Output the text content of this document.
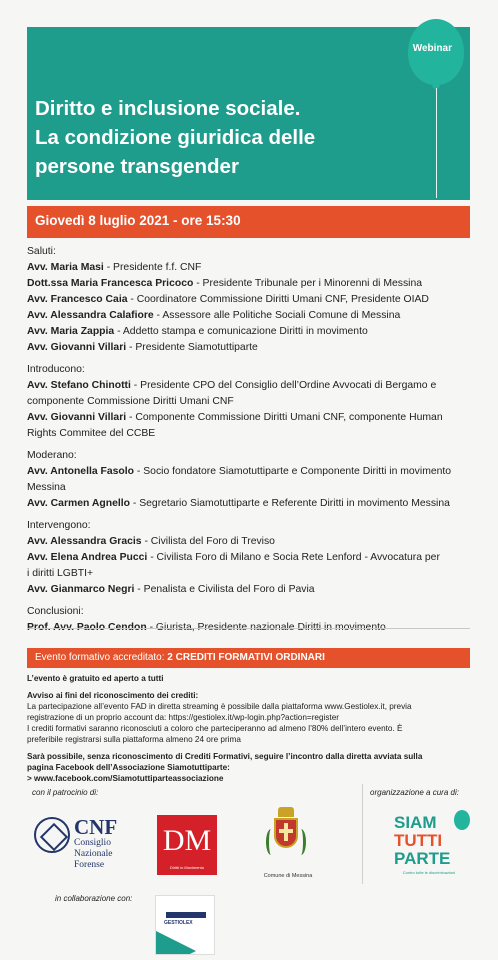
Webinar
Diritto e inclusione sociale.
La condizione giuridica delle
persone transgender
Giovedì 8 luglio 2021 - ore 15:30
Saluti:
Avv. Maria Masi - Presidente f.f. CNF
Dott.ssa Maria Francesca Pricoco - Presidente Tribunale per i Minorenni di Messina
Avv. Francesco Caia - Coordinatore Commissione Diritti Umani CNF, Presidente OIAD
Avv. Alessandra Calafiore - Assessore alle Politiche Sociali Comune di Messina
Avv. Maria Zappia - Addetto stampa e comunicazione Diritti in movimento
Avv. Giovanni Villari - Presidente Siamotuttiparte
Introducono:
Avv. Stefano Chinotti - Presidente CPO del Consiglio dell’Ordine Avvocati di Bergamo e
componente Commissione Diritti Umani CNF
Avv. Giovanni Villari - Componente Commissione Diritti Umani CNF, componente Human
Rights Commitee del CCBE
Moderano:
Avv. Antonella Fasolo - Socio fondatore Siamotuttiparte e Componente Diritti in movimento
Messina
Avv. Carmen Agnello - Segretario Siamotuttiparte e Referente Diritti in movimento Messina
Intervengono:
Avv. Alessandra Gracis - Civilista del Foro di Treviso
Avv. Elena Andrea Pucci - Civilista Foro di Milano e Socia Rete Lenford - Avvocatura per
i diritti LGBTI+
Avv. Gianmarco Negri - Penalista e Civilista del Foro di Pavia
Conclusioni:
Evento formativo accreditato: 2 CREDITI FORMATIVI ORDINARI
L’evento è gratuito ed aperto a tutti
Avviso ai fini del riconoscimento dei crediti:
La partecipazione all’evento FAD in diretta streaming è possibile dalla piattaforma www.Gestiolex.it, previa
registrazione di un proprio account da: https://gestiolex.it/wp-login.php?action=register
I crediti formativi saranno riconosciuti a coloro che parteciperanno ad almeno l’80% dell’intero evento. È
preferibile registrarsi sulla piattaforma almeno 24 ore prima
Sarà possibile, senza riconoscimento di Crediti Formativi, seguire l’incontro dalla diretta avviata sulla
pagina Facebook dell’Associazione Siamotuttiparte:
> www.facebook.com/Siamotuttiparteassociazione
con il patrocinio di:	organizzazione a cura di:
CNF
Consiglio
Nazionale
Forense
DM
Diritti in Movimento
Comune di Messina
SIAM
TUTTI
PARTE
Contro tutte le discriminazioni
in collaborazione con:
GESTIOLEX
